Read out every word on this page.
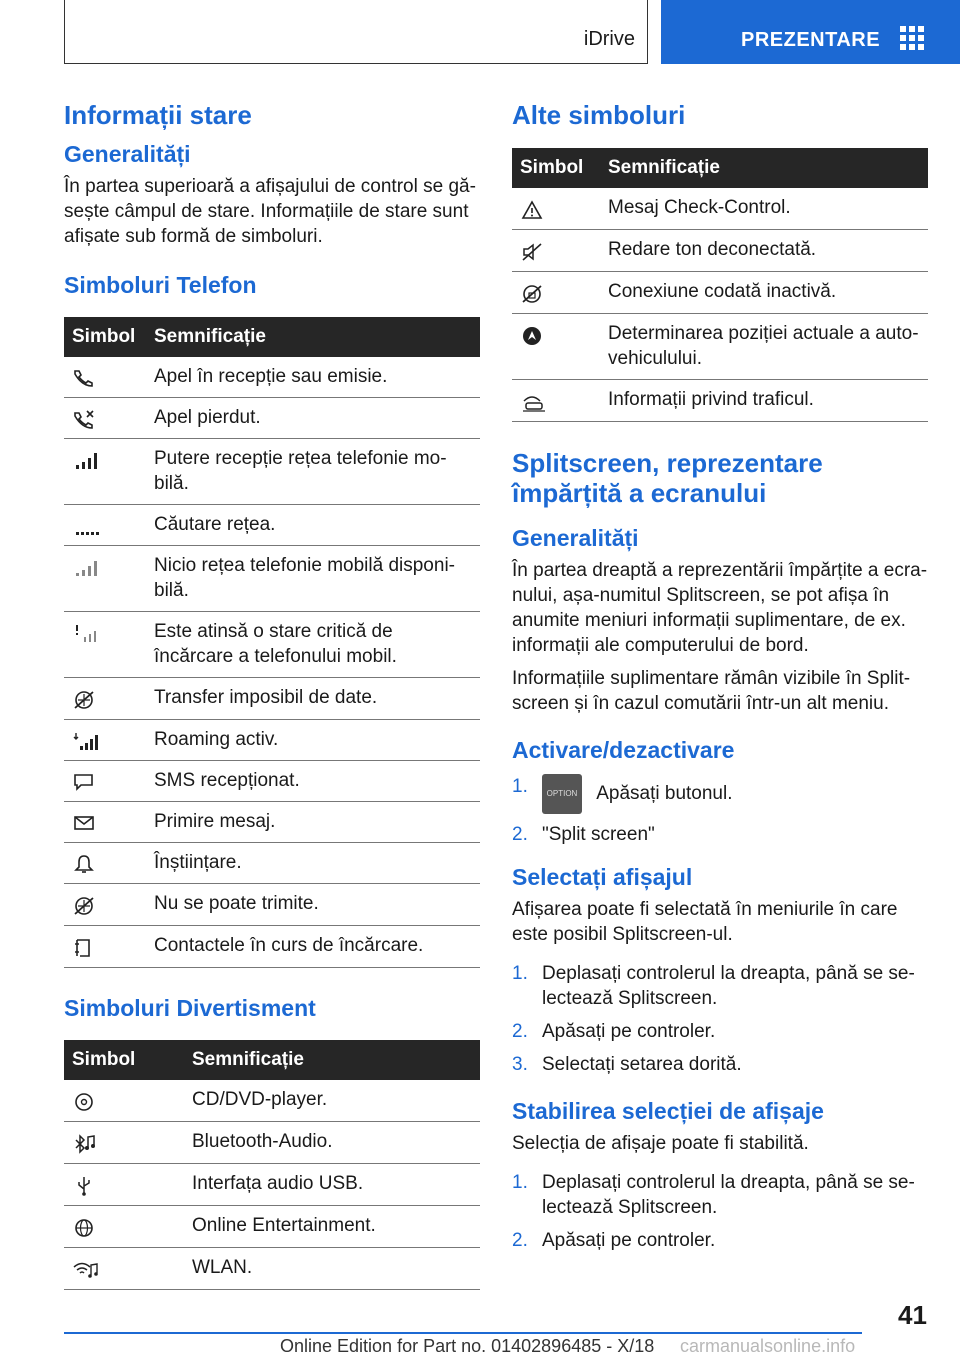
iDrive	PREZENTARE
Informații stare
Generalități

În partea superioară a afișajului de control se găsește câmpul de stare. Informațiile de stare sunt afișate sub formă de simboluri.

Simboluri Telefon
Simbol	Semnificație

	Apel în recepție sau emisie.

	Apel pierdut.

	Putere recepție rețea telefonie mobilă.

	Căutare rețea.

	Nicio rețea telefonie mobilă disponibilă.

	Este atinsă o stare critică de încărcare a telefonului mobil.

	Transfer imposibil de date.

	Roaming activ.

	SMS recepționat.

	Primire mesaj.

	Înștiințare.

	Nu se poate trimite.

	Contactele în curs de încărcare.
Simboluri Divertisment
Simbol	Semnificație

	CD/DVD-player.

	Bluetooth-Audio.

	Interfața audio USB.

	Online Entertainment.

	WLAN.
Alte simboluri
Simbol	Semnificație

	Mesaj Check-Control.

	Redare ton deconectată.

	Conexiune codată inactivă.

	Determinarea poziției actuale a autovehiculului.

	Informații privind traficul.
Splitscreen, reprezentare împărțită a ecranului
Generalități

În partea dreaptă a reprezentării împărțite a ecranului, așa-numitul Splitscreen, se pot afișa în anumite meniuri informații suplimentare, de ex. informații ale computerului de bord.

Informațiile suplimentare rămân vizibile în Splitscreen și în cazul comutării într-un alt meniu.

Activare/dezactivare
1.	OPTION Apăsați butonul.
2. "Split screen"
Selectați afișajul

Afișarea poate fi selectată în meniurile în care este posibil Splitscreen-ul.

1. Deplasați controlerul la dreapta, până se selectează Splitscreen.
2. Apăsați pe controler.
3. Selectați setarea dorită.
Stabilirea selecției de afișaje

Selecția de afișaje poate fi stabilită.

1. Deplasați controlerul la dreapta, până se selectează Splitscreen.
2. Apăsați pe controler.
41
Online Edition for Part no. 01402896485 - X/18 carmanualsonline.info
